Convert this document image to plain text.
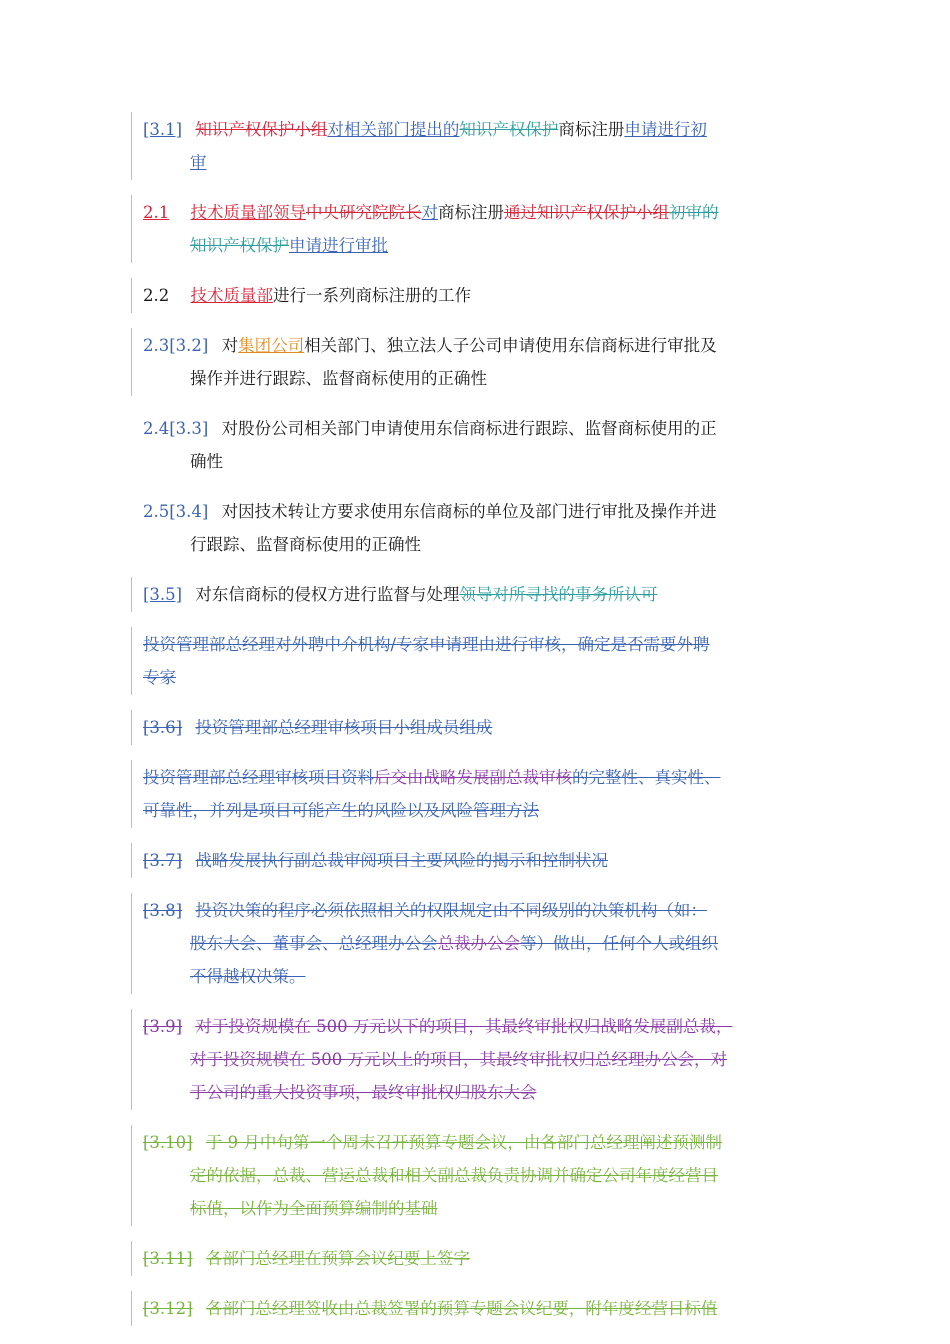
[3.1] 知识产权保护小组对相关部门提出的知识产权保护商标注册申请进行初
审
2.1 技术质量部领导中央研究院院长对商标注册通过知识产权保护小组初审的
知识产权保护申请进行审批
2.2 技术质量部进行一系列商标注册的工作
2.3[3.2] 对集团公司相关部门、独立法人子公司申请使用东信商标进行审批及
操作并进行跟踪、监督商标使用的正确性
2.4[3.3] 对股份公司相关部门申请使用东信商标进行跟踪、监督商标使用的正
确性
2.5[3.4] 对因技术转让方要求使用东信商标的单位及部门进行审批及操作并进
行跟踪、监督商标使用的正确性
[3.5] 对东信商标的侵权方进行监督与处理领导对所寻找的事务所认可
投资管理部总经理对外聘中介机构/专家申请理由进行审核，确定是否需要外聘
专家
[3.6] 投资管理部总经理审核项目小组成员组成
投资管理部总经理审核项目资料后交由战略发展副总裁审核的完整性、真实性、
可靠性，并列是项目可能产生的风险以及风险管理方法
[3.7] 战略发展执行副总裁审阅项目主要风险的揭示和控制状况
[3.8] 投资决策的程序必须依照相关的权限规定由不同级别的决策机构（如：
股东大会、董事会、总经理办公会总裁办公会等）做出，任何个人或组织
不得越权决策。
[3.9] 对于投资规模在 500 万元以下的项目，其最终审批权归战略发展副总裁，
对于投资规模在 500 万元以上的项目，其最终审批权归总经理办公会，对
于公司的重大投资事项，最终审批权归股东大会
[3.10] 于 9 月中旬第一个周末召开预算专题会议，由各部门总经理阐述预测制
定的依据，总裁、营运总裁和相关副总裁负责协调并确定公司年度经营目
标值，以作为全面预算编制的基础
[3.11] 各部门总经理在预算会议纪要上签字
[3.12] 各部门总经理签收由总裁签署的预算专题会议纪要，附年度经营目标值
